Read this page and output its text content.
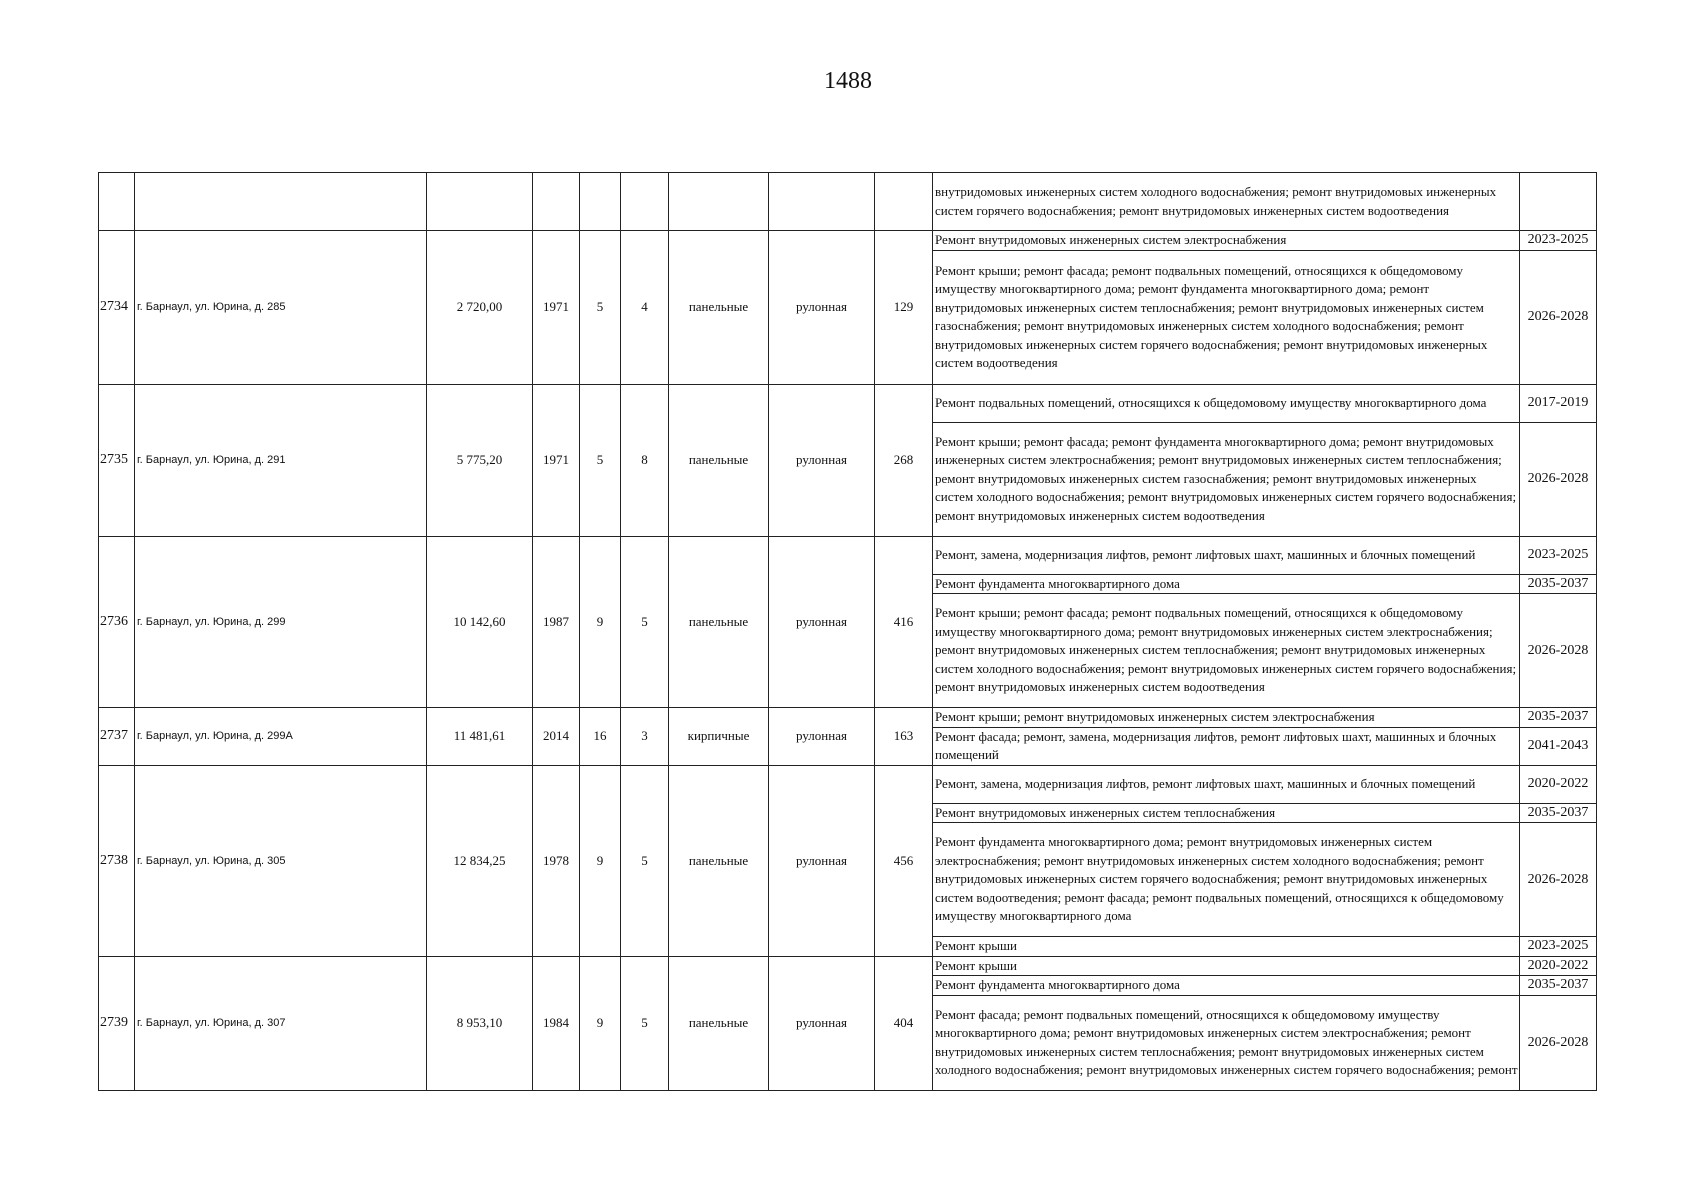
1488
									внутридомовых инженерных систем холодного водоснабжения; ремонт внутридомовых инженерных систем горячего водоснабжения; ремонт внутридомовых инженерных систем водоотведения	
2734	г. Барнаул, ул. Юрина, д. 285	2 720,00	1971	5	4	панельные	рулонная	129	Ремонт внутридомовых инженерных систем электроснабжения	2023-2025
									Ремонт крыши; ремонт фасада; ремонт подвальных помещений, относящихся к общедомовому имуществу многоквартирного дома; ремонт фундамента многоквартирного дома; ремонт внутридомовых инженерных систем теплоснабжения; ремонт внутридомовых инженерных систем газоснабжения; ремонт внутридомовых инженерных систем холодного водоснабжения; ремонт внутридомовых инженерных систем горячего водоснабжения; ремонт внутридомовых инженерных систем водоотведения	2026-2028
2735	г. Барнаул, ул. Юрина, д. 291	5 775,20	1971	5	8	панельные	рулонная	268	Ремонт подвальных помещений, относящихся к общедомовому имуществу многоквартирного дома	2017-2019
									Ремонт крыши; ремонт фасада; ремонт фундамента многоквартирного дома; ремонт внутридомовых инженерных систем электроснабжения; ремонт внутридомовых инженерных систем теплоснабжения; ремонт внутридомовых инженерных систем газоснабжения; ремонт внутридомовых инженерных систем холодного водоснабжения; ремонт внутридомовых инженерных систем горячего водоснабжения; ремонт внутридомовых инженерных систем водоотведения	2026-2028
2736	г. Барнаул, ул. Юрина, д. 299	10 142,60	1987	9	5	панельные	рулонная	416	Ремонт, замена, модернизация лифтов, ремонт лифтовых шахт, машинных и блочных помещений	2023-2025
									Ремонт фундамента многоквартирного дома	2035-2037
									Ремонт крыши; ремонт фасада; ремонт подвальных помещений, относящихся к общедомовому имуществу многоквартирного дома; ремонт внутридомовых инженерных систем электроснабжения; ремонт внутридомовых инженерных систем теплоснабжения; ремонт внутридомовых инженерных систем холодного водоснабжения; ремонт внутридомовых инженерных систем горячего водоснабжения; ремонт внутридомовых инженерных систем водоотведения	2026-2028
2737	г. Барнаул, ул. Юрина, д. 299А	11 481,61	2014	16	3	кирпичные	рулонная	163	Ремонт крыши; ремонт внутридомовых инженерных систем электроснабжения	2035-2037
									Ремонт фасада; ремонт, замена, модернизация лифтов, ремонт лифтовых шахт, машинных и блочных помещений	2041-2043
2738	г. Барнаул, ул. Юрина, д. 305	12 834,25	1978	9	5	панельные	рулонная	456	Ремонт, замена, модернизация лифтов, ремонт лифтовых шахт, машинных и блочных помещений	2020-2022
									Ремонт внутридомовых инженерных систем теплоснабжения	2035-2037
									Ремонт фундамента многоквартирного дома; ремонт внутридомовых инженерных систем электроснабжения; ремонт внутридомовых инженерных систем холодного водоснабжения; ремонт внутридомовых инженерных систем горячего водоснабжения; ремонт внутридомовых инженерных систем водоотведения; ремонт фасада; ремонт подвальных помещений, относящихся к общедомовому имуществу многоквартирного дома	2026-2028
									Ремонт крыши	2023-2025
2739	г. Барнаул, ул. Юрина, д. 307	8 953,10	1984	9	5	панельные	рулонная	404	Ремонт крыши	2020-2022
									Ремонт фундамента многоквартирного дома	2035-2037
									Ремонт фасада; ремонт подвальных помещений, относящихся к общедомовому имуществу многоквартирного дома; ремонт внутридомовых инженерных систем электроснабжения; ремонт внутридомовых инженерных систем теплоснабжения; ремонт внутридомовых инженерных систем холодного водоснабжения; ремонт внутридомовых инженерных систем горячего водоснабжения; ремонт	2026-2028
